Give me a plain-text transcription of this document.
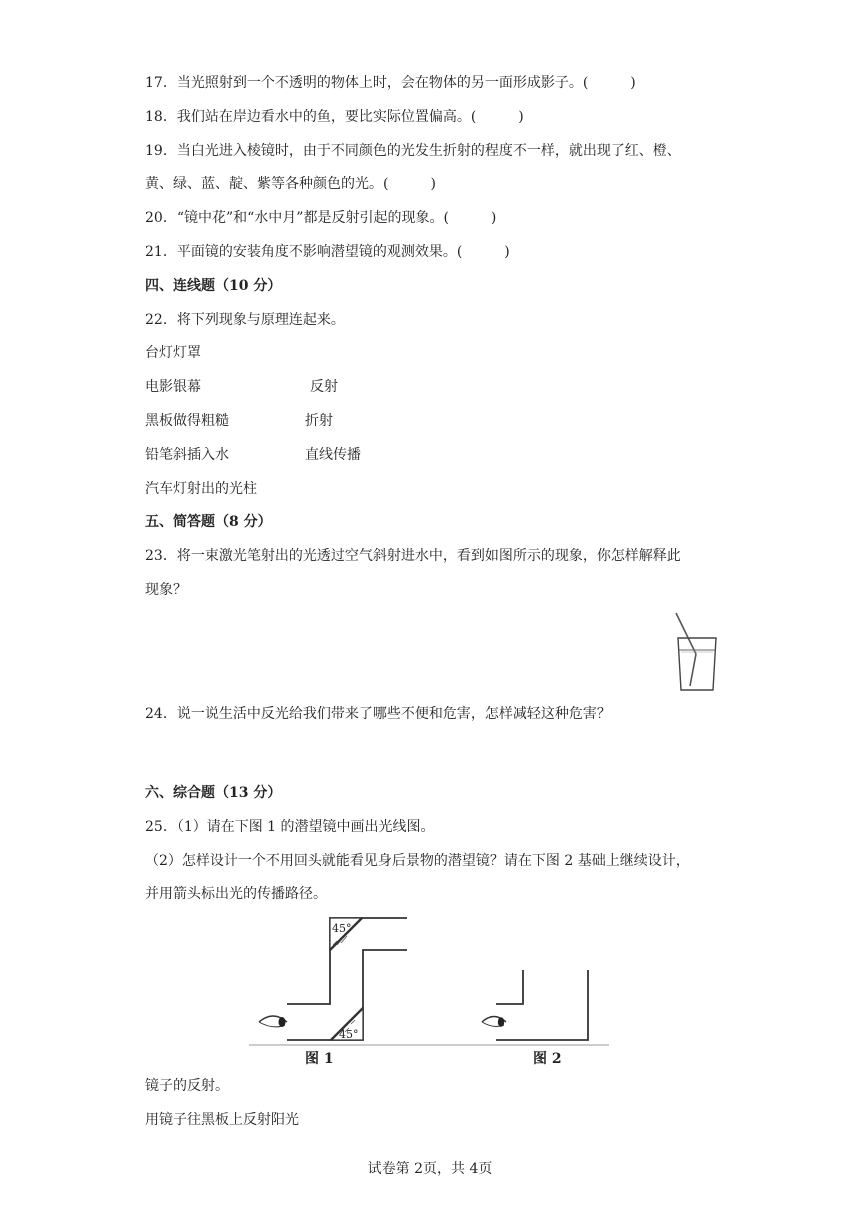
17．当光照射到一个不透明的物体上时，会在物体的另一面形成影子。(　　　)
18．我们站在岸边看水中的鱼，要比实际位置偏高。(　　　)
19．当白光进入棱镜时，由于不同颜色的光发生折射的程度不一样，就出现了红、橙、
黄、绿、蓝、靛、紫等各种颜色的光。(　　　)
20．“镜中花”和“水中月”都是反射引起的现象。(　　　)
21．平面镜的安装角度不影响潜望镜的观测效果。(　　　)
四、连线题（10 分）
22．将下列现象与原理连起来。
台灯灯罩
电影银幕	反射
黑板做得粗糙	折射
铅笔斜插入水	直线传播
汽车灯射出的光柱
五、简答题（8 分）
23．将一束激光笔射出的光透过空气斜射进水中，看到如图所示的现象，你怎样解释此
现象？
24．说一说生活中反光给我们带来了哪些不便和危害，怎样减轻这种危害？
六、综合题（13 分）
25．（1）请在下图 1 的潜望镜中画出光线图。
（2）怎样设计一个不用回头就能看见身后景物的潜望镜？请在下图 2 基础上继续设计，
并用箭头标出光的传播路径。
45°
45°
图 1	图 2
镜子的反射。
用镜子往黑板上反射阳光
试卷第 2页，共 4页
